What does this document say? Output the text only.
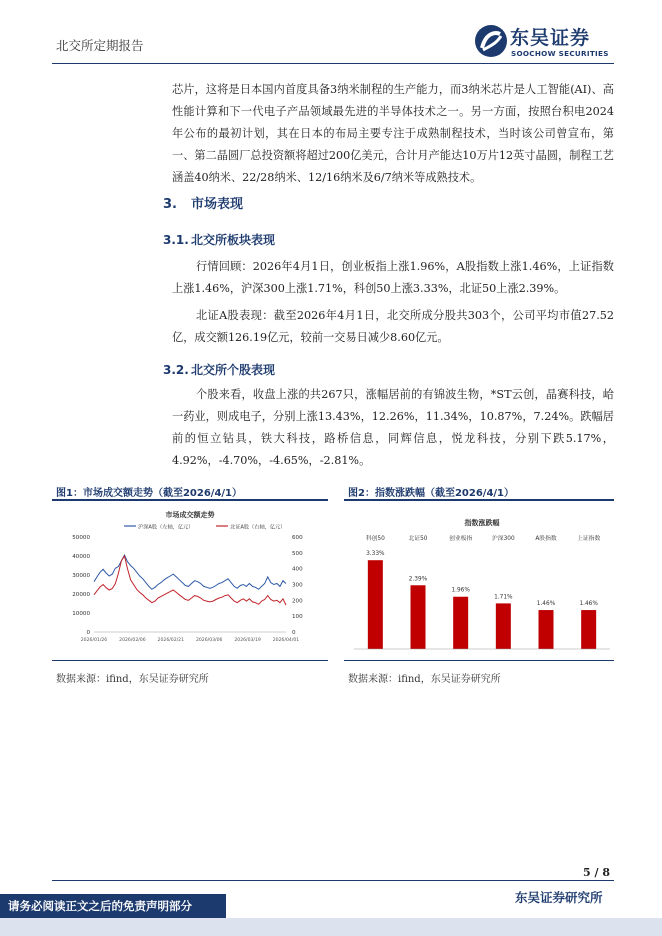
北交所定期报告	东吴证券
SOOCHOW SECURITIES
芯片，这将是日本国内首度具备3纳米制程的生产能力，而3纳米芯片是人工智能(AI)、高性能计算和下一代电子产品领域最先进的半导体技术之一。另一方面，按照台积电2024年公布的最初计划，其在日本的布局主要专注于成熟制程技术，当时该公司曾宣布，第一、第二晶圆厂总投资额将超过200亿美元，合计月产能达10万片12英寸晶圆，制程工艺涵盖40纳米、22/28纳米、12/16纳米及6/7纳米等成熟技术。
3. 市场表现
3.1. 北交所板块表现
行情回顾：2026年4月1日，创业板指上涨1.96%，A股指数上涨1.46%，上证指数上涨1.46%，沪深300上涨1.71%，科创50上涨3.33%，北证50上涨2.39%。
北证A股表现：截至2026年4月1日，北交所成分股共303个，公司平均市值27.52亿，成交额126.19亿元，较前一交易日减少8.60亿元。
3.2. 北交所个股表现
个股来看，收盘上涨的共267只，涨幅居前的有锦波生物，*ST云创，晶赛科技，峆一药业，则成电子，分别上涨13.43%，12.26%，11.34%，10.87%，7.24%。跌幅居前的恒立钻具，铁大科技，路桥信息，同辉信息，悦龙科技，分别下跌5.17%，4.92%，-4.70%，-4.65%，-2.81%。
图1：市场成交额走势（截至2026/4/1）
市场成交额走势
沪深A股（左轴，亿元）	北证A股（右轴，亿元）
0
10000
20000
30000
40000
50000
0
100
200
300
400
500
600
2026/01/26	2026/02/06	2026/02/21	2026/03/06	2026/03/19	2026/04/01
数据来源：ifind，东吴证券研究所
图2：指数涨跌幅（截至2026/4/1）
指数涨跌幅
科创50
3.33%
北证50
2.39%
创业板指
1.96%
沪深300
1.71%
A股指数
1.46%
上证指数
1.46%
数据来源：ifind，东吴证券研究所
5 / 8
东吴证券研究所
请务必阅读正文之后的免责声明部分
